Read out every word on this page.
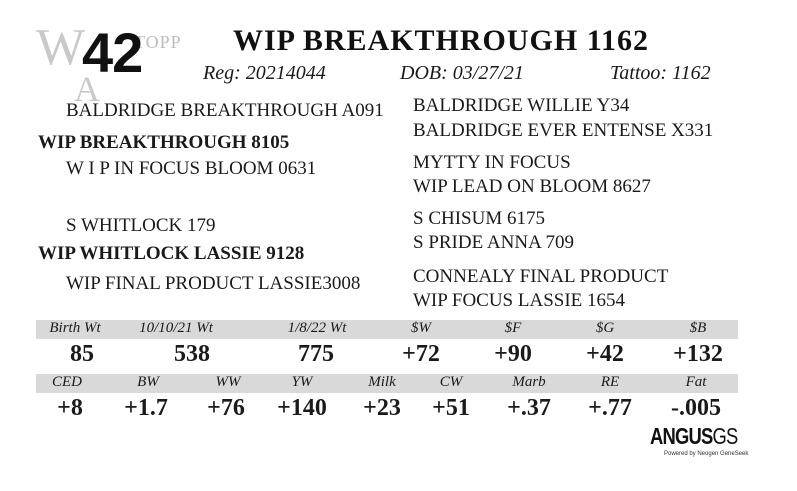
W
A
TOPP
42	WIP BREAKTHROUGH 1162
Reg: 20214044	DOB: 03/27/21	Tattoo: 1162
BALDRIDGE BREAKTHROUGH A091
WIP BREAKTHROUGH 8105
W I P IN FOCUS BLOOM 0631
S WHITLOCK 179
WIP WHITLOCK LASSIE 9128
WIP FINAL PRODUCT LASSIE3008
BALDRIDGE WILLIE Y34
BALDRIDGE EVER ENTENSE X331
MYTTY IN FOCUS
WIP LEAD ON BLOOM 8627
S CHISUM 6175
S PRIDE ANNA 709
CONNEALY FINAL PRODUCT
WIP FOCUS LASSIE 1654
Birth Wt	10/10/21 Wt	1/8/22 Wt	$W	$F	$G	$B
85	538	775	+72	+90	+42	+132
CED	BW	WW	YW	Milk	CW	Marb	RE	Fat
+8	+1.7	+76	+140	+23	+51	+.37	+.77	-.005
ANGUSGS
Powered by Neogen GeneSeek
